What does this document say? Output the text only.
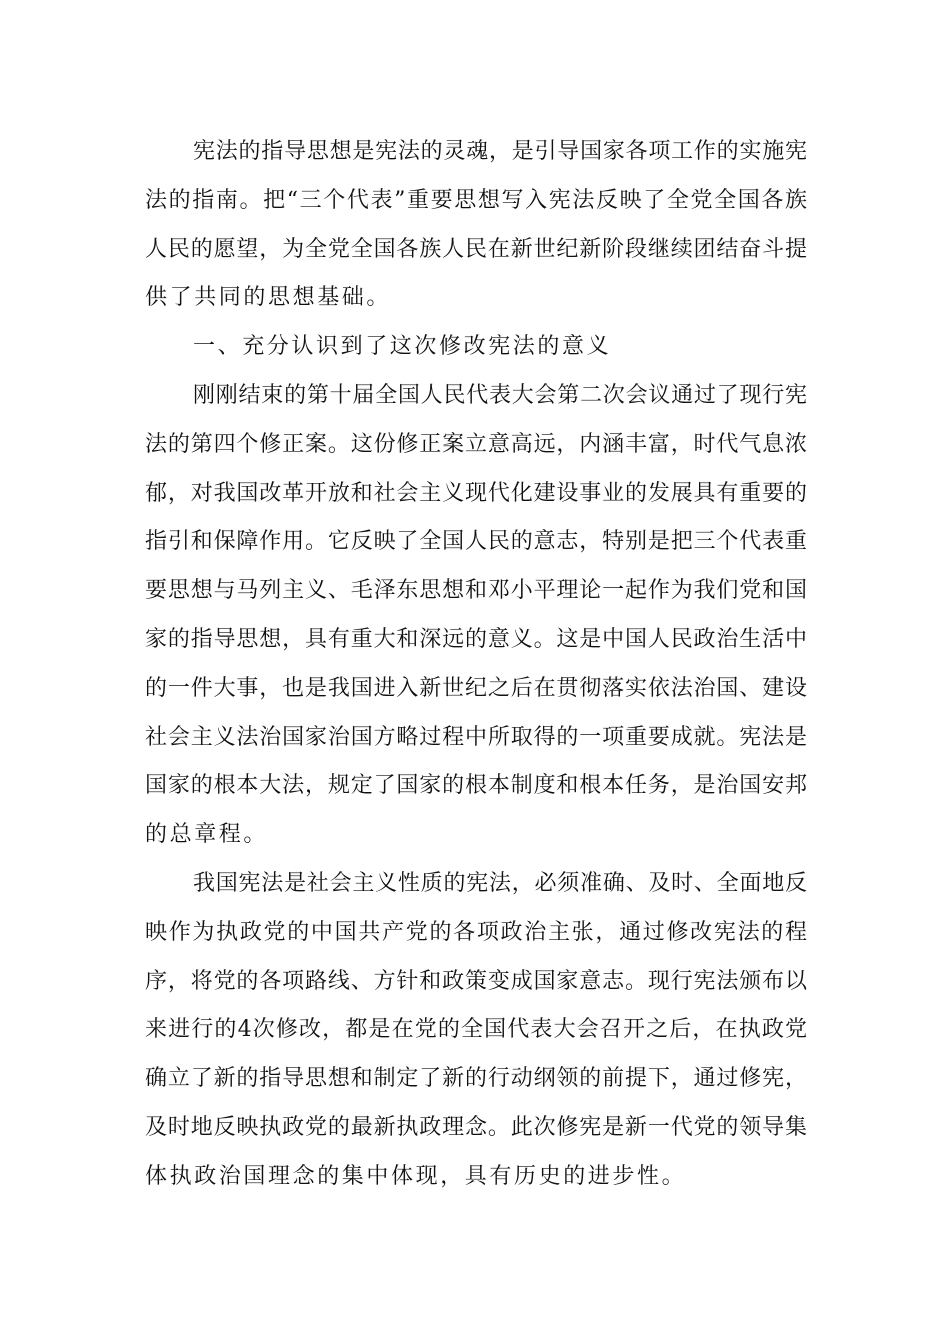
宪法的指导思想是宪法的灵魂，是引导国家各项工作的实施宪
法的指南。把“三个代表”重要思想写入宪法反映了全党全国各族
人民的愿望，为全党全国各族人民在新世纪新阶段继续团结奋斗提
供了共同的思想基础。
一、充分认识到了这次修改宪法的意义
刚刚结束的第十届全国人民代表大会第二次会议通过了现行宪
法的第四个修正案。这份修正案立意高远，内涵丰富，时代气息浓
郁，对我国改革开放和社会主义现代化建设事业的发展具有重要的
指引和保障作用。它反映了全国人民的意志，特别是把三个代表重
要思想与马列主义、毛泽东思想和邓小平理论一起作为我们党和国
家的指导思想，具有重大和深远的意义。这是中国人民政治生活中
的一件大事，也是我国进入新世纪之后在贯彻落实依法治国、建设
社会主义法治国家治国方略过程中所取得的一项重要成就。宪法是
国家的根本大法，规定了国家的根本制度和根本任务，是治国安邦
的总章程。
我国宪法是社会主义性质的宪法，必须准确、及时、全面地反
映作为执政党的中国共产党的各项政治主张，通过修改宪法的程
序，将党的各项路线、方针和政策变成国家意志。现行宪法颁布以
来进行的4次修改，都是在党的全国代表大会召开之后，在执政党
确立了新的指导思想和制定了新的行动纲领的前提下，通过修宪，
及时地反映执政党的最新执政理念。此次修宪是新一代党的领导集
体执政治国理念的集中体现，具有历史的进步性。
